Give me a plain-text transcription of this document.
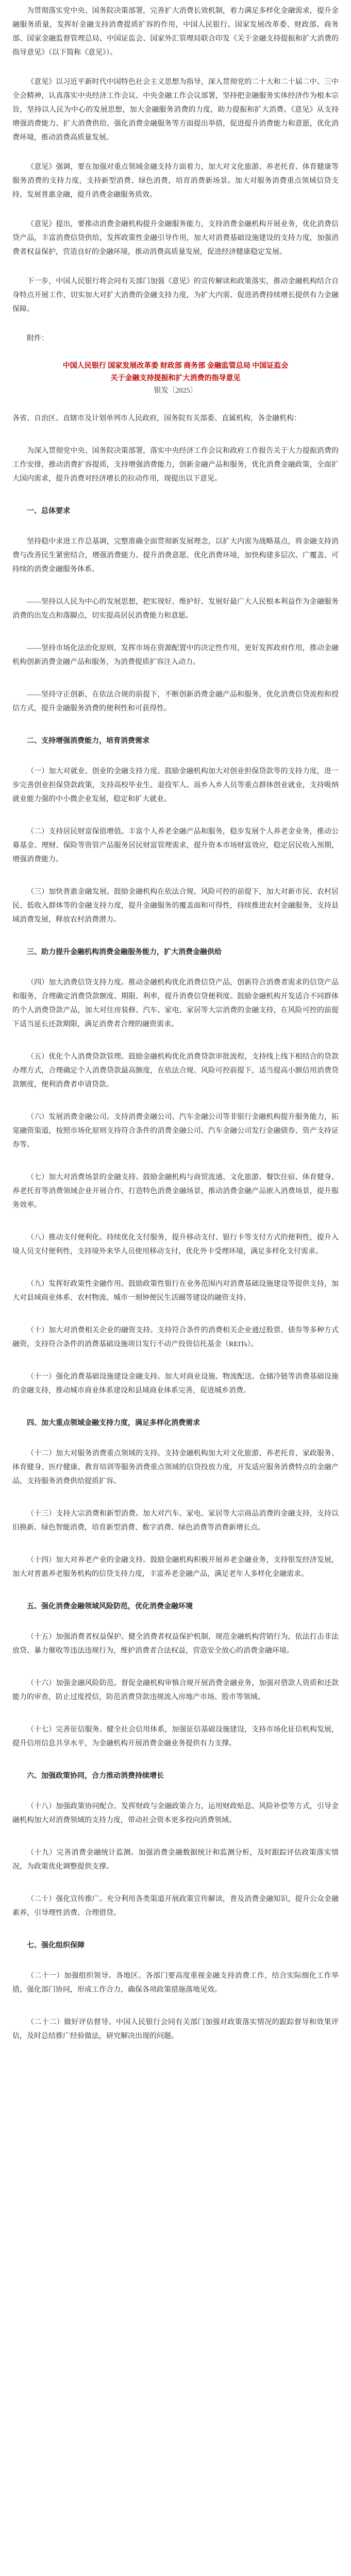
为贯彻落实党中央、国务院决策部署，完善扩大消费长效机制，着力满足多样化金融需求，提升金融服务质量，发挥好金融支持消费提质扩容的作用，中国人民银行、国家发展改革委、财政部、商务部、国家金融监督管理总局、中国证监会、国家外汇管理局联合印发《关于金融支持提振和扩大消费的指导意见》（以下简称《意见》）。

《意见》以习近平新时代中国特色社会主义思想为指导，深入贯彻党的二十大和二十届二中、三中全会精神，认真落实中央经济工作会议、中央金融工作会议部署，坚持把金融服务实体经济作为根本宗旨，坚持以人民为中心的发展思想，加大金融服务消费的力度，助力提振和扩大消费。《意见》从支持增强消费能力、扩大消费供给、强化消费金融服务等方面提出举措，促进提升消费能力和意愿，优化消费环境，推动消费高质量发展。

《意见》强调，要在加强对重点领域金融支持方面着力，加大对文化旅游、养老托育、体育健康等服务消费的支持力度，支持新型消费、绿色消费，培育消费新场景。加大对服务消费重点领域信贷支持，发展普惠金融，提升消费金融服务质效。

《意见》提出，要推动消费金融机构提升金融服务能力，支持消费金融机构开展业务，优化消费信贷产品，丰富消费信贷供给，发挥政策性金融引导作用，加大对消费基础设施建设的支持力度，加强消费者权益保护，营造良好的金融环境，推动消费高质量发展，促进经济健康稳定发展。

下一步，中国人民银行将会同有关部门加强《意见》的宣传解读和政策落实，推动金融机构结合自身特点开展工作，切实加大对扩大消费的金融支持力度，为扩大内需、促进消费持续增长提供有力金融保障。

附件：

中国人民银行 国家发展改革委 财政部 商务部 金融监管总局 中国证监会
关于金融支持提振和扩大消费的指导意见
银发〔2025〕

各省、自治区、直辖市及计划单列市人民政府，国务院有关部委、直属机构，各金融机构：

为深入贯彻党中央、国务院决策部署，落实中央经济工作会议和政府工作报告关于大力提振消费的工作安排，推动消费扩容提质，支持增强消费能力，创新金融产品和服务，优化消费金融政策，全面扩大国内需求，提升消费对经济增长的拉动作用，现提出以下意见。

一、总体要求

坚持稳中求进工作总基调，完整准确全面贯彻新发展理念，以扩大内需为战略基点，将金融支持消费与改善民生紧密结合，增强消费能力、提升消费意愿、优化消费环境，加快构建多层次、广覆盖、可持续的消费金融服务体系。

——坚持以人民为中心的发展思想，把实现好、维护好、发展好最广大人民根本利益作为金融服务消费的出发点和落脚点，切实提高居民消费能力和意愿。

——坚持市场化法治化原则，发挥市场在资源配置中的决定性作用，更好发挥政府作用，推动金融机构创新消费金融产品和服务，为消费提质扩容注入动力。

——坚持守正创新，在依法合规的前提下，不断创新消费金融产品和服务，优化消费信贷流程和授信方式，提升金融服务消费的便利性和可获得性。

二、支持增强消费能力，培育消费需求

（一）加大对就业、创业的金融支持力度。鼓励金融机构加大对创业担保贷款等的支持力度，进一步完善创业担保贷款政策，支持高校毕业生、退役军人、返乡入乡人员等重点群体创业就业，支持吸纳就业能力强的中小微企业发展，稳定和扩大就业。

（二）支持居民财富保值增值。丰富个人养老金融产品和服务，稳步发展个人养老金业务，推动公募基金、理财、保险等资管产品服务居民财富管理需求，提升资本市场财富效应，稳定居民收入预期，增强消费能力。

（三）加快普惠金融发展。鼓励金融机构在依法合规、风险可控的前提下，加大对新市民、农村居民、低收入群体等的金融支持力度，提升金融服务的覆盖面和可得性，持续推进农村金融服务，支持县域消费发展，释放农村消费潜力。

三、助力提升金融机构消费金融服务能力，扩大消费金融供给

（四）加大消费信贷支持力度。推动金融机构优化消费信贷产品，创新符合消费者需求的信贷产品和服务，合理确定消费贷款额度、期限、利率，提升消费信贷便利度。鼓励金融机构开发适合不同群体的个人消费贷款产品，加大对住房装修、汽车、家电、家居等大宗消费的金融支持，在风险可控的前提下适当延长还款期限，满足消费者合理的融资需求。

（五）优化个人消费贷款管理。鼓励金融机构优化消费贷款审批流程，支持线上线下相结合的贷款办理方式，合理确定个人消费贷款最高额度，在依法合规、风险可控前提下，适当提高小额信用消费贷款额度，便利消费者申请贷款。

（六）发展消费金融公司。支持消费金融公司、汽车金融公司等非银行金融机构提升服务能力，拓宽融资渠道，按照市场化原则支持符合条件的消费金融公司、汽车金融公司发行金融债券、资产支持证券等。

（七）加大对消费场景的金融支持。鼓励金融机构与商贸流通、文化旅游、餐饮住宿、体育健身、养老托育等消费领域企业开展合作，打造特色消费金融场景，推动消费金融产品嵌入消费场景，提升服务效率。

（八）推动支付便利化。持续优化支付服务，提升移动支付、银行卡等支付方式的便利性，提升入境人员支付便利性，支持境外来华人员使用移动支付，优化外卡受理环境，满足多样化支付需求。

（九）发挥好政策性金融作用。鼓励政策性银行在业务范围内对消费基础设施建设等提供支持，加大对县域商业体系、农村物流、城市一刻钟便民生活圈等建设的融资支持。

（十）加大对消费相关企业的融资支持。支持符合条件的消费相关企业通过股票、债券等多种方式融资，支持符合条件的消费基础设施项目发行不动产投资信托基金（REITs）。

（十一）强化消费基础设施建设金融支持。加大对商业设施、物流配送、仓储冷链等消费基础设施的金融支持，推动城市商业体系建设和县域商业体系完善，促进城乡消费。

四、加大重点领域金融支持力度，满足多样化消费需求

（十二）加大对服务消费重点领域的支持。支持金融机构加大对文化旅游、养老托育、家政服务、体育健身、医疗健康、教育培训等服务消费重点领域的信贷投放力度，开发适应服务消费特点的金融产品，支持服务消费供给提质扩容。

（十三）支持大宗消费和新型消费。加大对汽车、家电、家居等大宗商品消费的金融支持，支持以旧换新、绿色智能消费，培育新型消费、数字消费、绿色消费等消费新增长点。

（十四）加大对养老产业的金融支持。鼓励金融机构积极开展养老金融业务，支持银发经济发展，加大对普惠养老服务机构的信贷支持力度，丰富养老金融产品，满足老年人多样化金融需求。

五、强化消费金融领域风险防范，优化消费金融环境

（十五）加强消费者权益保护。健全消费者权益保护机制，规范金融机构营销行为，依法打击非法放贷、暴力催收等违法违规行为，维护消费者合法权益，营造安全放心的消费金融环境。

（十六）加强金融风险防范。督促金融机构审慎合规开展消费金融业务，加强对借款人资质和还款能力的审查，防止过度授信，防范消费贷款违规流入房地产市场、股市等领域。

（十七）完善征信服务。健全社会信用体系，加强征信基础设施建设，支持市场化征信机构发展，提升信用信息共享水平，为金融机构开展消费金融业务提供有力支撑。

六、加强政策协同，合力推动消费持续增长

（十八）加强政策协同配合。发挥财政与金融政策合力，运用财政贴息、风险补偿等方式，引导金融机构加大对消费领域的支持力度，带动社会资本更多投向消费领域。

（十九）完善消费金融统计监测。加强消费金融数据统计和监测分析，及时跟踪评估政策落实情况，为政策优化调整提供支撑。

（二十）强化宣传推广。充分利用各类渠道开展政策宣传解读，普及消费金融知识，提升公众金融素养，引导理性消费、合理借贷。

七、强化组织保障

（二十一）加强组织领导。各地区、各部门要高度重视金融支持消费工作，结合实际细化工作举措，强化部门协同，形成工作合力，确保各项政策措施落地见效。

（二十二）做好评估督导。中国人民银行会同有关部门加强对政策落实情况的跟踪督导和效果评估，及时总结推广经验做法，研究解决出现的问题。
